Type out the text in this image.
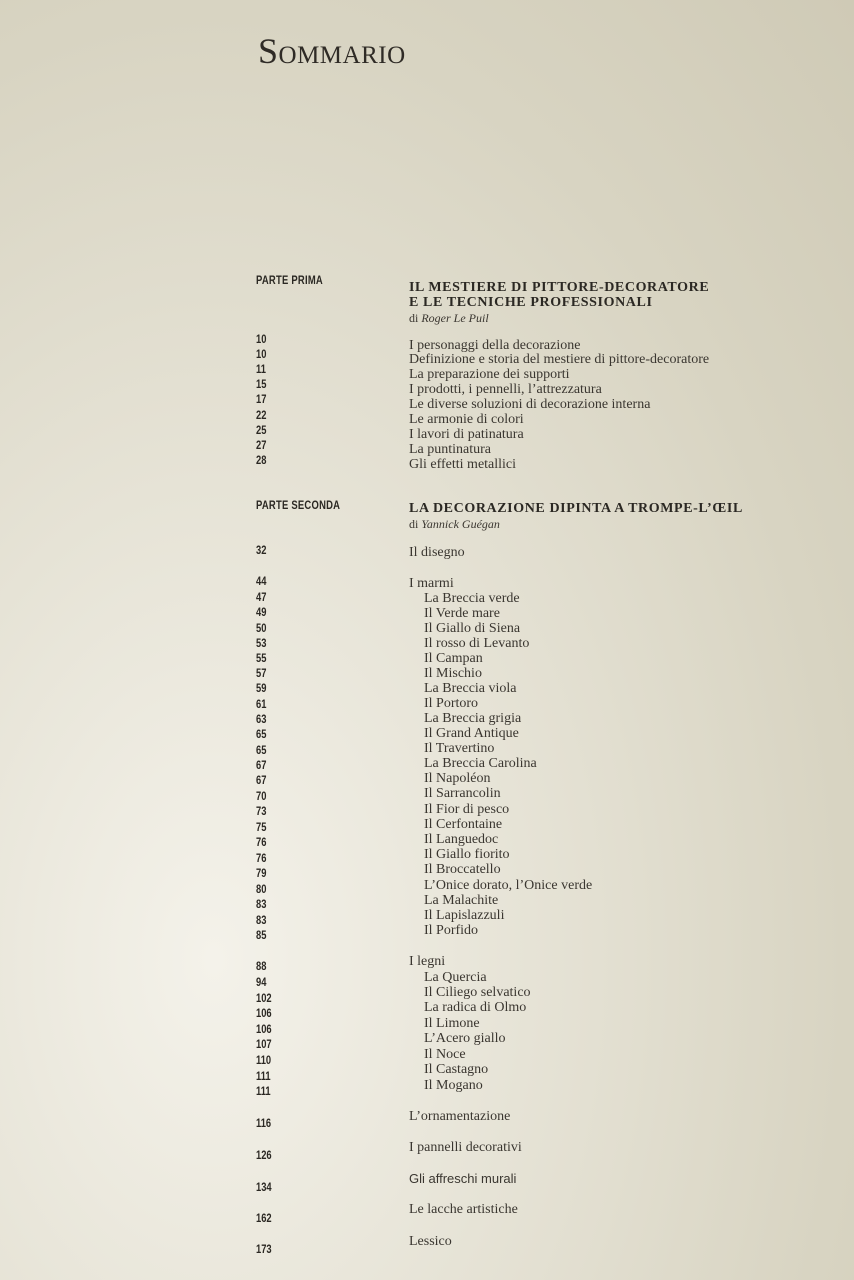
Sommario
PARTE PRIMA	IL MESTIERE DI PITTORE-DECORATORE
E LE TECNICHE PROFESSIONALI
di Roger Le Puil
10
10
11
15
17
22
25
27
28
I personaggi della decorazione
Definizione e storia del mestiere di pittore-decoratore
La preparazione dei supporti
I prodotti, i pennelli, l’attrezzatura
Le diverse soluzioni di decorazione interna
Le armonie di colori
I lavori di patinatura
La puntinatura
Gli effetti metallici
PARTE SECONDA	LA DECORAZIONE DIPINTA A TROMPE-L’ŒIL
di Yannick Guégan
32
44
47
49
50
53
55
57
59
61
63
65
65
67
67
70
73
75
76
76
79
80
83
83
85
88
94
102
106
106
107
110
111
111
116
126
134
162
173
Il disegno
I marmi
La Breccia verde
Il Verde mare
Il Giallo di Siena
Il rosso di Levanto
Il Campan
Il Mischio
La Breccia viola
Il Portoro
La Breccia grigia
Il Grand Antique
Il Travertino
La Breccia Carolina
Il Napoléon
Il Sarrancolin
Il Fior di pesco
Il Cerfontaine
Il Languedoc
Il Giallo fiorito
Il Broccatello
L’Onice dorato, l’Onice verde
La Malachite
Il Lapislazzuli
Il Porfido
I legni
La Quercia
Il Ciliego selvatico
La radica di Olmo
Il Limone
L’Acero giallo
Il Noce
Il Castagno
Il Mogano
L’ornamentazione
I pannelli decorativi
Gli affreschi murali
Le lacche artistiche
Lessico
